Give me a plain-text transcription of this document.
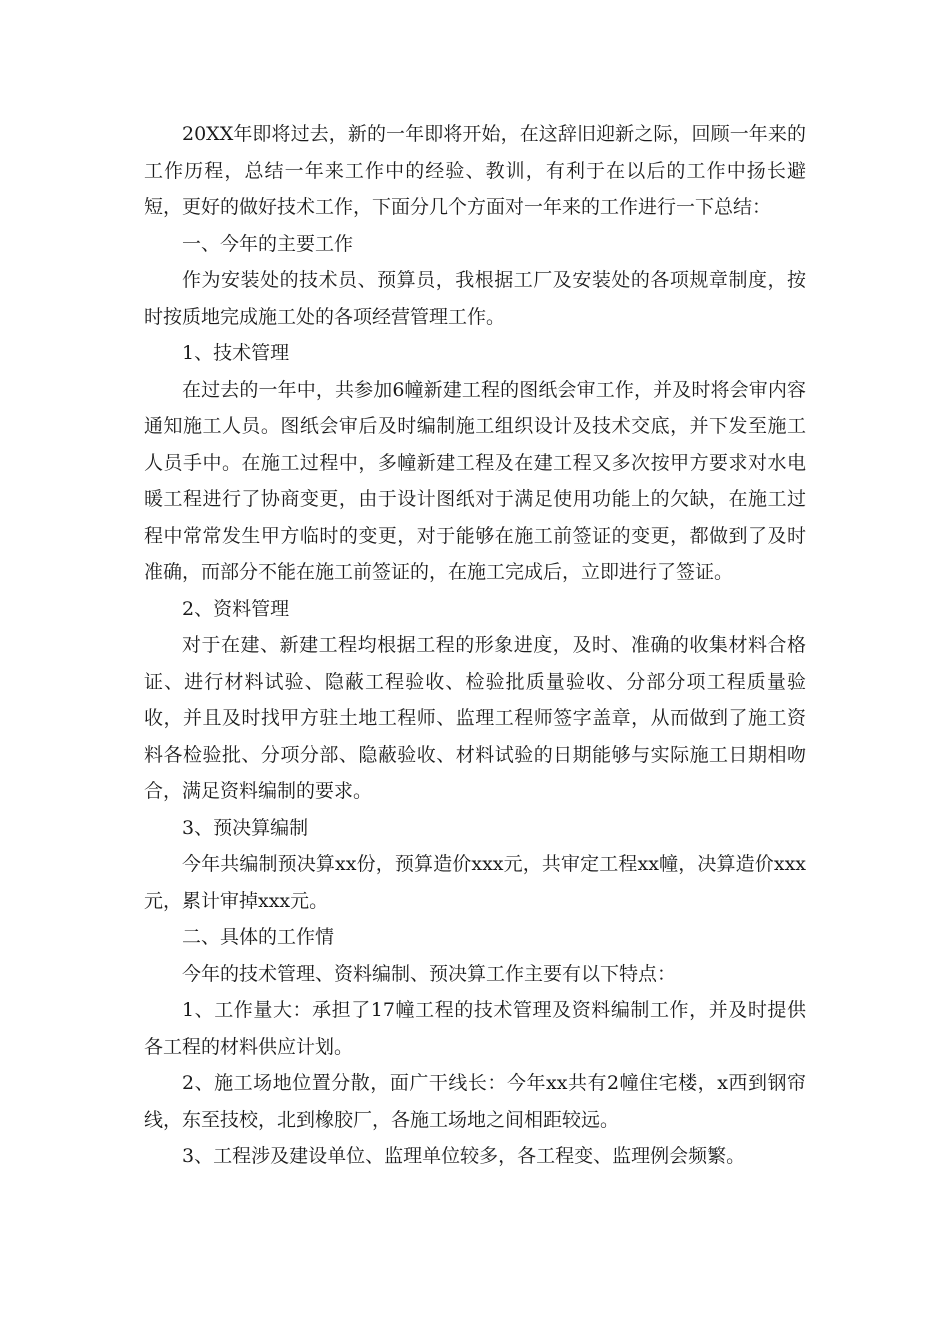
20XX年即将过去，新的一年即将开始，在这辞旧迎新之际，回顾一年来的工作历程，总结一年来工作中的经验、教训，有利于在以后的工作中扬长避短，更好的做好技术工作，下面分几个方面对一年来的工作进行一下总结：

一、今年的主要工作

作为安装处的技术员、预算员，我根据工厂及安装处的各项规章制度，按时按质地完成施工处的各项经营管理工作。

1、技术管理

在过去的一年中，共参加6幢新建工程的图纸会审工作，并及时将会审内容通知施工人员。图纸会审后及时编制施工组织设计及技术交底，并下发至施工人员手中。在施工过程中，多幢新建工程及在建工程又多次按甲方要求对水电暖工程进行了协商变更，由于设计图纸对于满足使用功能上的欠缺，在施工过程中常常发生甲方临时的变更，对于能够在施工前签证的变更，都做到了及时准确，而部分不能在施工前签证的，在施工完成后，立即进行了签证。

2、资料管理

对于在建、新建工程均根据工程的形象进度，及时、准确的收集材料合格证、进行材料试验、隐蔽工程验收、检验批质量验收、分部分项工程质量验收，并且及时找甲方驻土地工程师、监理工程师签字盖章，从而做到了施工资料各检验批、分项分部、隐蔽验收、材料试验的日期能够与实际施工日期相吻合，满足资料编制的要求。

3、预决算编制

今年共编制预决算xx份，预算造价xxx元，共审定工程xx幢，决算造价xxx元，累计审掉xxx元。

二、具体的工作情

今年的技术管理、资料编制、预决算工作主要有以下特点：

1、工作量大：承担了17幢工程的技术管理及资料编制工作，并及时提供各工程的材料供应计划。

2、施工场地位置分散，面广干线长：今年xx共有2幢住宅楼，x西到钢帘线，东至技校，北到橡胶厂，各施工场地之间相距较远。

3、工程涉及建设单位、监理单位较多，各工程变、监理例会频繁。
